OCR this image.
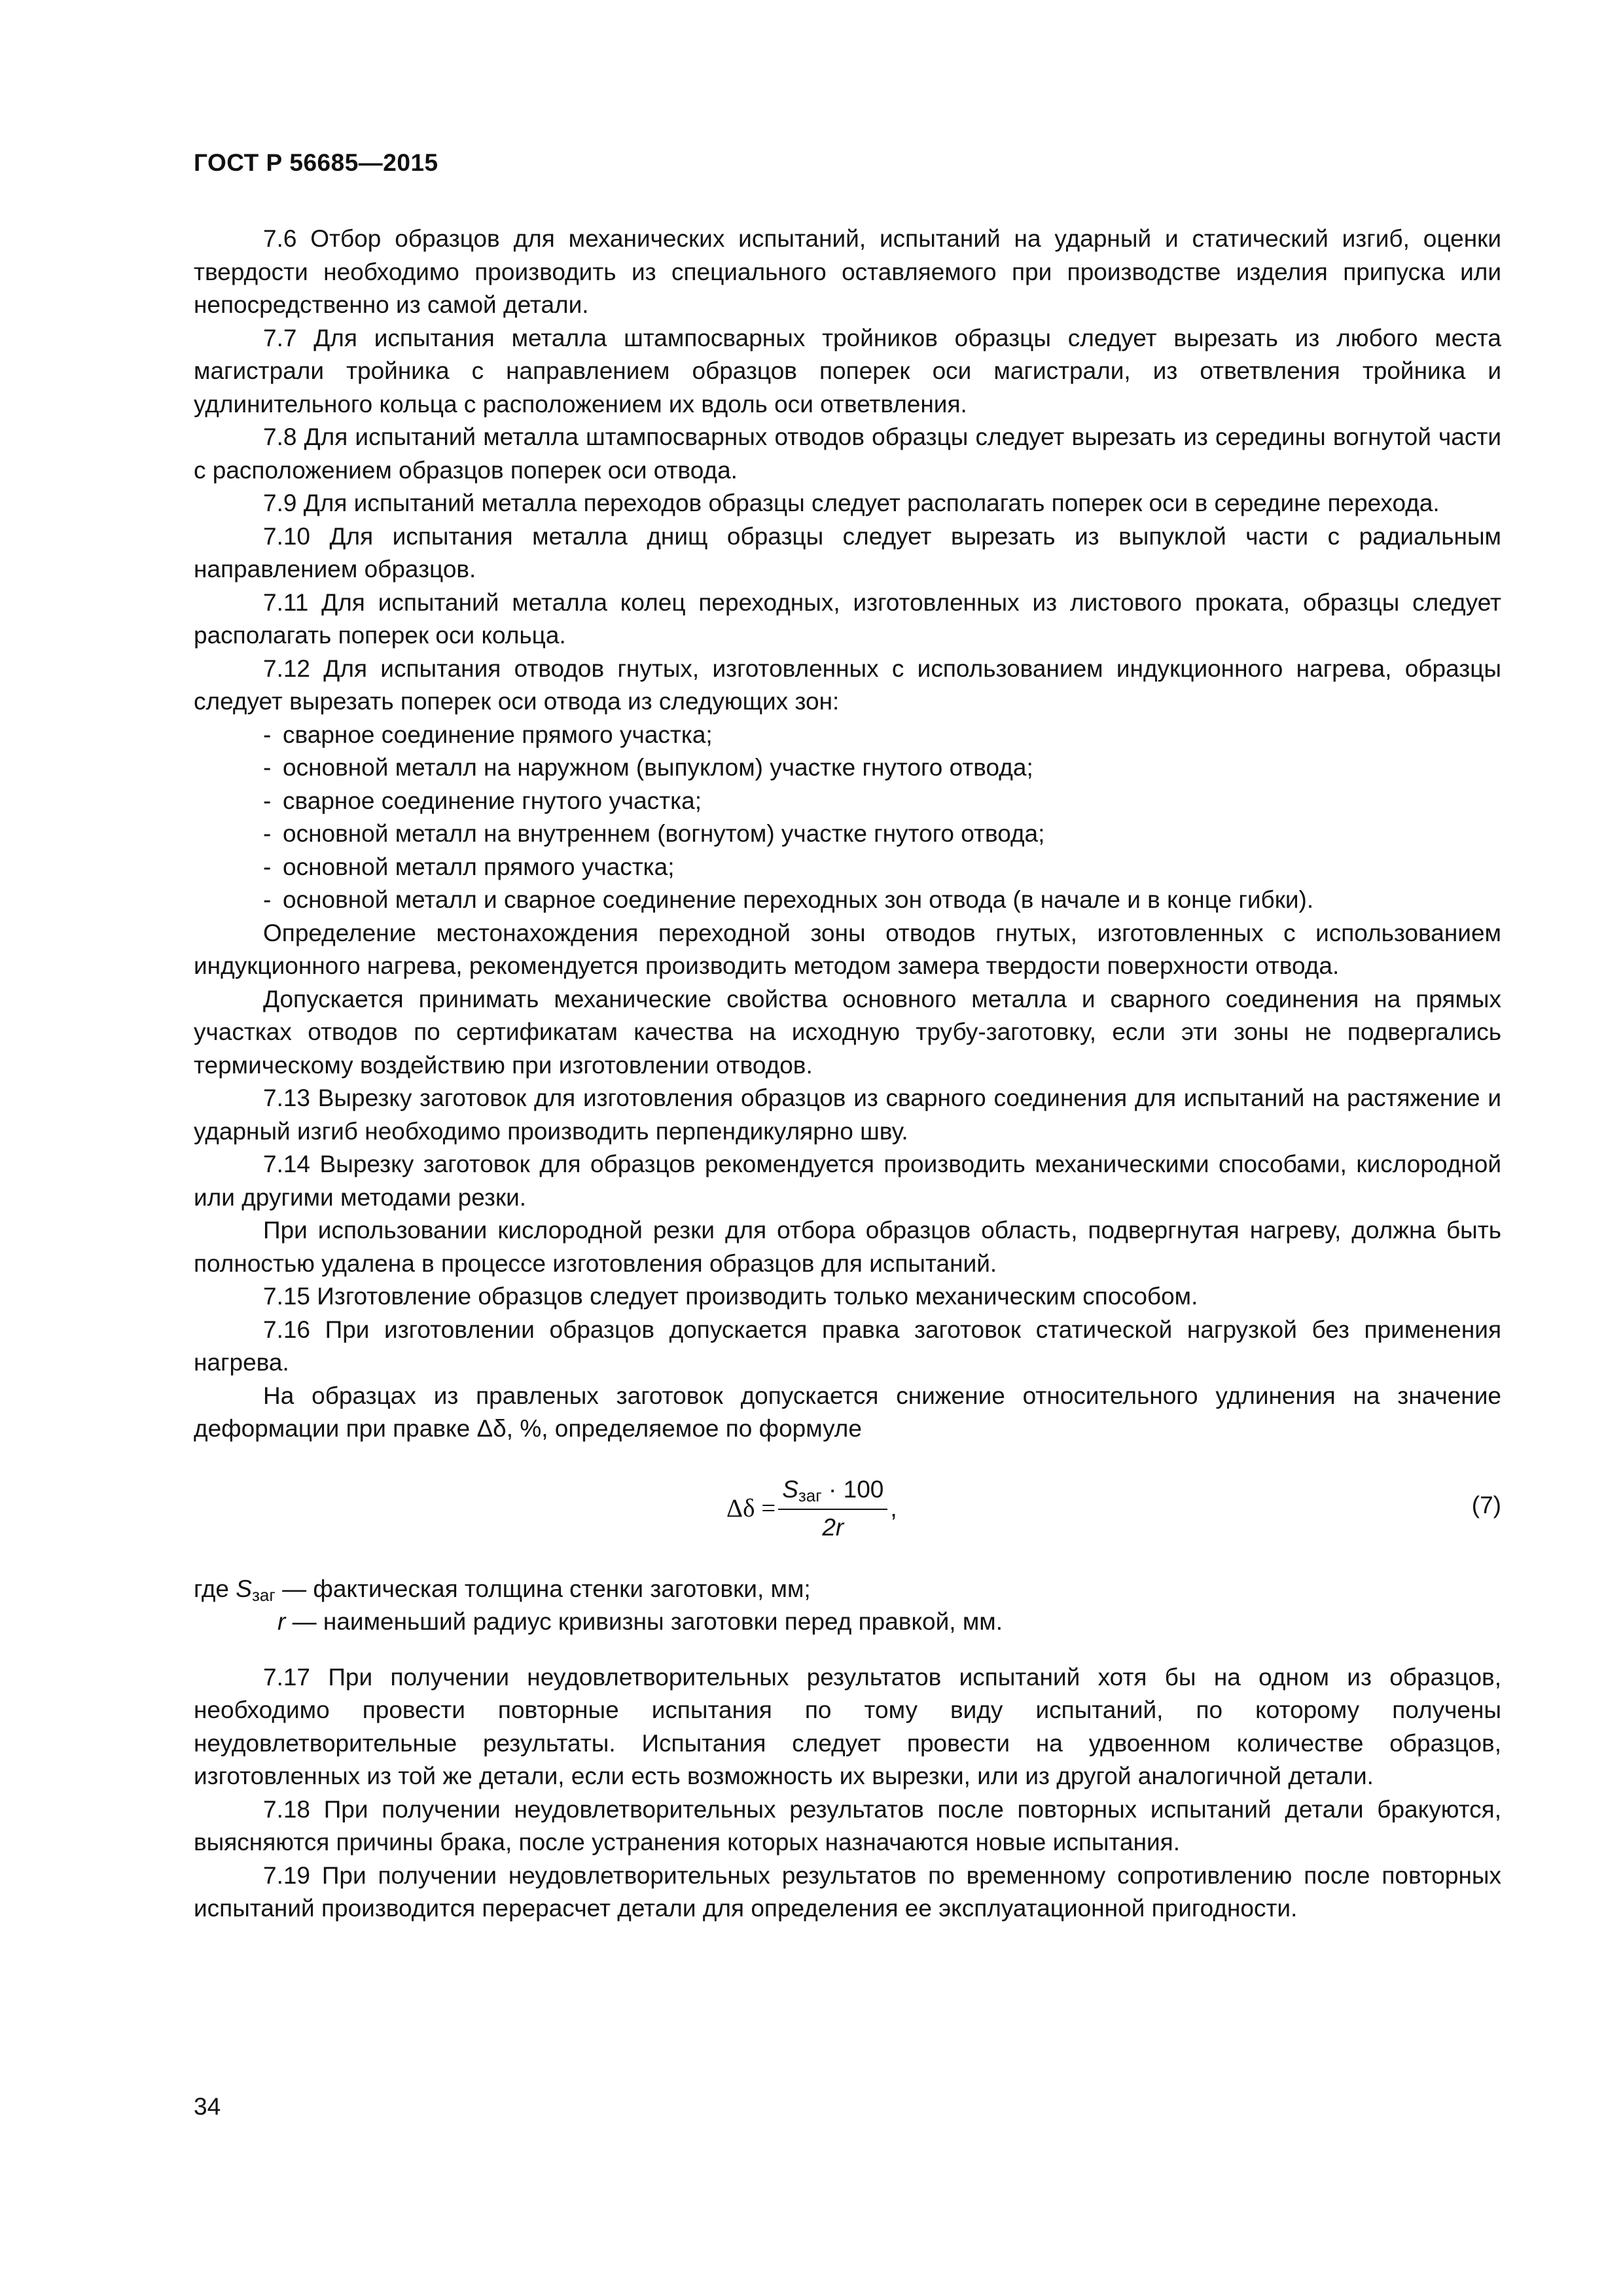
ГОСТ Р 56685—2015

7.6 Отбор образцов для механических испытаний, испытаний на ударный и статический изгиб, оценки твердости необходимо производить из специального оставляемого при производстве изделия припуска или непосредственно из самой детали.

7.7 Для испытания металла штампосварных тройников образцы следует вырезать из любого места магистрали тройника с направлением образцов поперек оси магистрали, из ответвления тройника и удлинительного кольца с расположением их вдоль оси ответвления.

7.8 Для испытаний металла штампосварных отводов образцы следует вырезать из середины вогнутой части с расположением образцов поперек оси отвода.

7.9 Для испытаний металла переходов образцы следует располагать поперек оси в середине перехода.

7.10 Для испытания металла днищ образцы следует вырезать из выпуклой части с радиальным направлением образцов.

7.11 Для испытаний металла колец переходных, изготовленных из листового проката, образцы следует располагать поперек оси кольца.

7.12 Для испытания отводов гнутых, изготовленных с использованием индукционного нагрева, образцы следует вырезать поперек оси отвода из следующих зон:

- сварное соединение прямого участка;

- основной металл на наружном (выпуклом) участке гнутого отвода;

- сварное соединение гнутого участка;

- основной металл на внутреннем (вогнутом) участке гнутого отвода;

- основной металл прямого участка;

- основной металл и сварное соединение переходных зон отвода (в начале и в конце гибки).

Определение местонахождения переходной зоны отводов гнутых, изготовленных с использованием индукционного нагрева, рекомендуется производить методом замера твердости поверхности отвода.

Допускается принимать механические свойства основного металла и сварного соединения на прямых участках отводов по сертификатам качества на исходную трубу-заготовку, если эти зоны не подвергались термическому воздействию при изготовлении отводов.

7.13 Вырезку заготовок для изготовления образцов из сварного соединения для испытаний на растяжение и ударный изгиб необходимо производить перпендикулярно шву.

7.14 Вырезку заготовок для образцов рекомендуется производить механическими способами, кислородной или другими методами резки.

При использовании кислородной резки для отбора образцов область, подвергнутая нагреву, должна быть полностью удалена в процессе изготовления образцов для испытаний.

7.15 Изготовление образцов следует производить только механическим способом.

7.16 При изготовлении образцов допускается правка заготовок статической нагрузкой без применения нагрева.

На образцах из правленых заготовок допускается снижение относительного удлинения на значение деформации при правке Δδ, %, определяемое по формуле

$\Delta\delta = \frac{S_{заг} \cdot 100}{2r}$ ,	(7)

где $S_{заг}$ — фактическая толщина стенки заготовки, мм;

r — наименьший радиус кривизны заготовки перед правкой, мм.

7.17 При получении неудовлетворительных результатов испытаний хотя бы на одном из образцов, необходимо провести повторные испытания по тому виду испытаний, по которому получены неудовлетворительные результаты. Испытания следует провести на удвоенном количестве образцов, изготовленных из той же детали, если есть возможность их вырезки, или из другой аналогичной детали.

7.18 При получении неудовлетворительных результатов после повторных испытаний детали бракуются, выясняются причины брака, после устранения которых назначаются новые испытания.

7.19 При получении неудовлетворительных результатов по временному сопротивлению после повторных испытаний производится перерасчет детали для определения ее эксплуатационной пригодности.

34
